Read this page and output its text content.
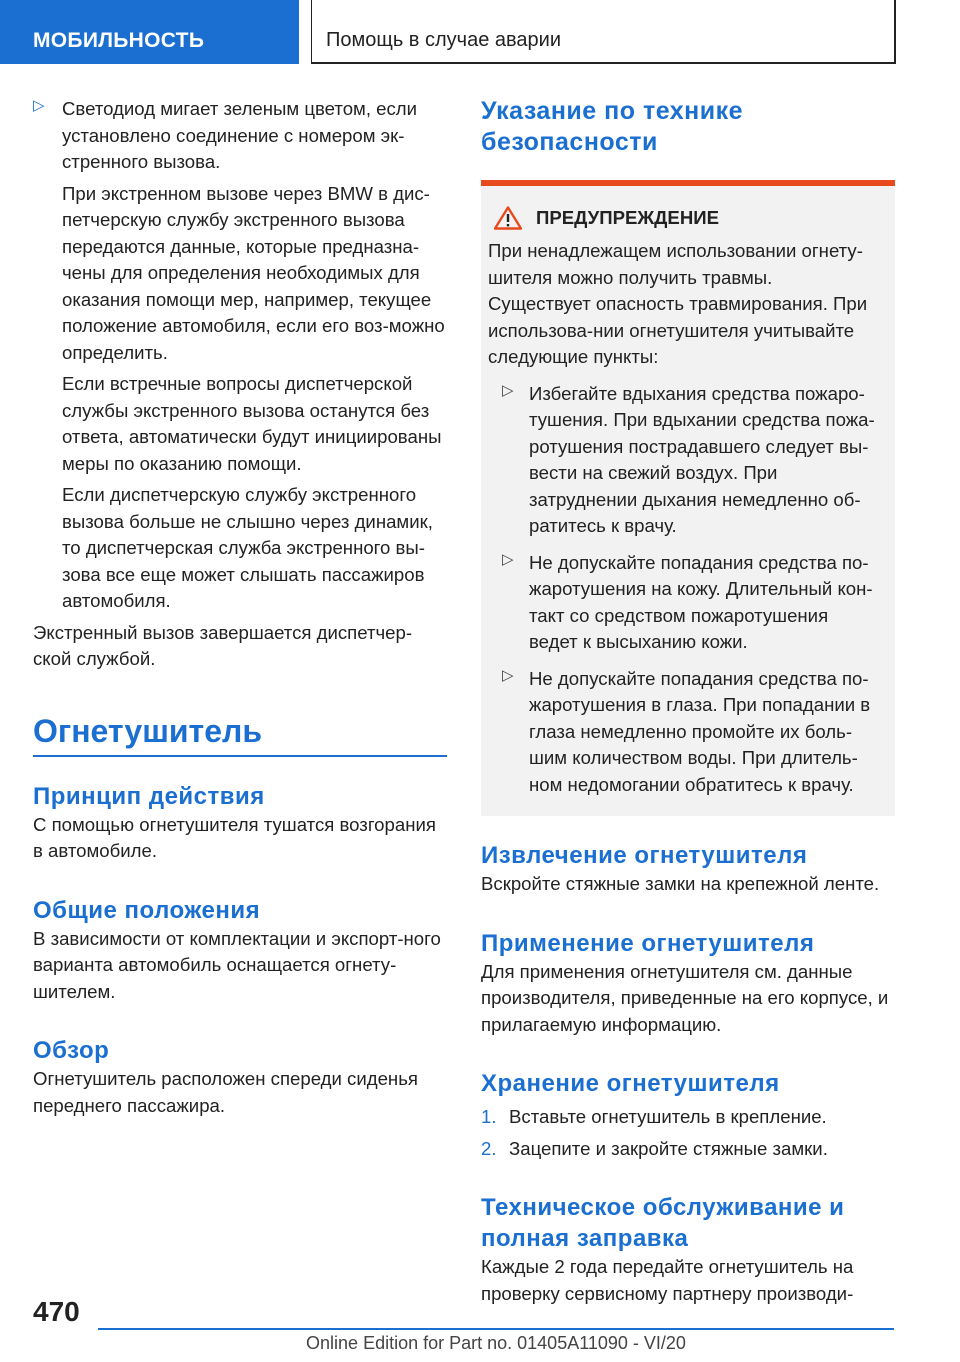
МОБИЛЬНОСТЬ	Помощь в случае аварии
▷ Светодиод мигает зеленым цветом, если установлено соединение с номером эк-стренного вызова.

При экстренном вызове через BMW в дис-петчерскую службу экстренного вызова передаются данные, которые предназна-чены для определения необходимых для оказания помощи мер, например, текущее положение автомобиля, если его воз-можно определить.

Если встречные вопросы диспетчерской службы экстренного вызова останутся без ответа, автоматически будут инициированы меры по оказанию помощи.

Если диспетчерскую службу экстренного вызова больше не слышно через динамик, то диспетчерская служба экстренного вы-зова все еще может слышать пассажиров автомобиля.

Экстренный вызов завершается диспетчер-ской службой.

Огнетушитель
Принцип действия

С помощью огнетушителя тушатся возгорания в автомобиле.

Общие положения

В зависимости от комплектации и экспорт-ного варианта автомобиль оснащается огнету-шителем.

Обзор

Огнетушитель расположен спереди сиденья переднего пассажира.

Указание по технике безопасности
ПРЕДУПРЕЖДЕНИЕ

При ненадлежащем использовании огнету-шителя можно получить травмы. Существует опасность травмирования. При использова-нии огнетушителя учитывайте следующие пункты:

▷ Избегайте вдыхания средства пожаро-тушения. При вдыхании средства пожа-ротушения пострадавшего следует вы-вести на свежий воздух. При затруднении дыхания немедленно об-ратитесь к врачу.

▷ Не допускайте попадания средства по-жаротушения на кожу. Длительный кон-такт со средством пожаротушения ведет к высыханию кожи.

▷ Не допускайте попадания средства по-жаротушения в глаза. При попадании в глаза немедленно промойте их боль-шим количеством воды. При длитель-ном недомогании обратитесь к врачу.

Извлечение огнетушителя

Вскройте стяжные замки на крепежной ленте.

Применение огнетушителя

Для применения огнетушителя см. данные производителя, приведенные на его корпусе, и прилагаемую информацию.

Хранение огнетушителя
1. Вставьте огнетушитель в крепление.

2. Зацепите и закройте стяжные замки.

Техническое обслуживание и полная заправка

Каждые 2 года передайте огнетушитель на проверку сервисному партнеру производи-

470
Online Edition for Part no. 01405A11090 - VI/20
